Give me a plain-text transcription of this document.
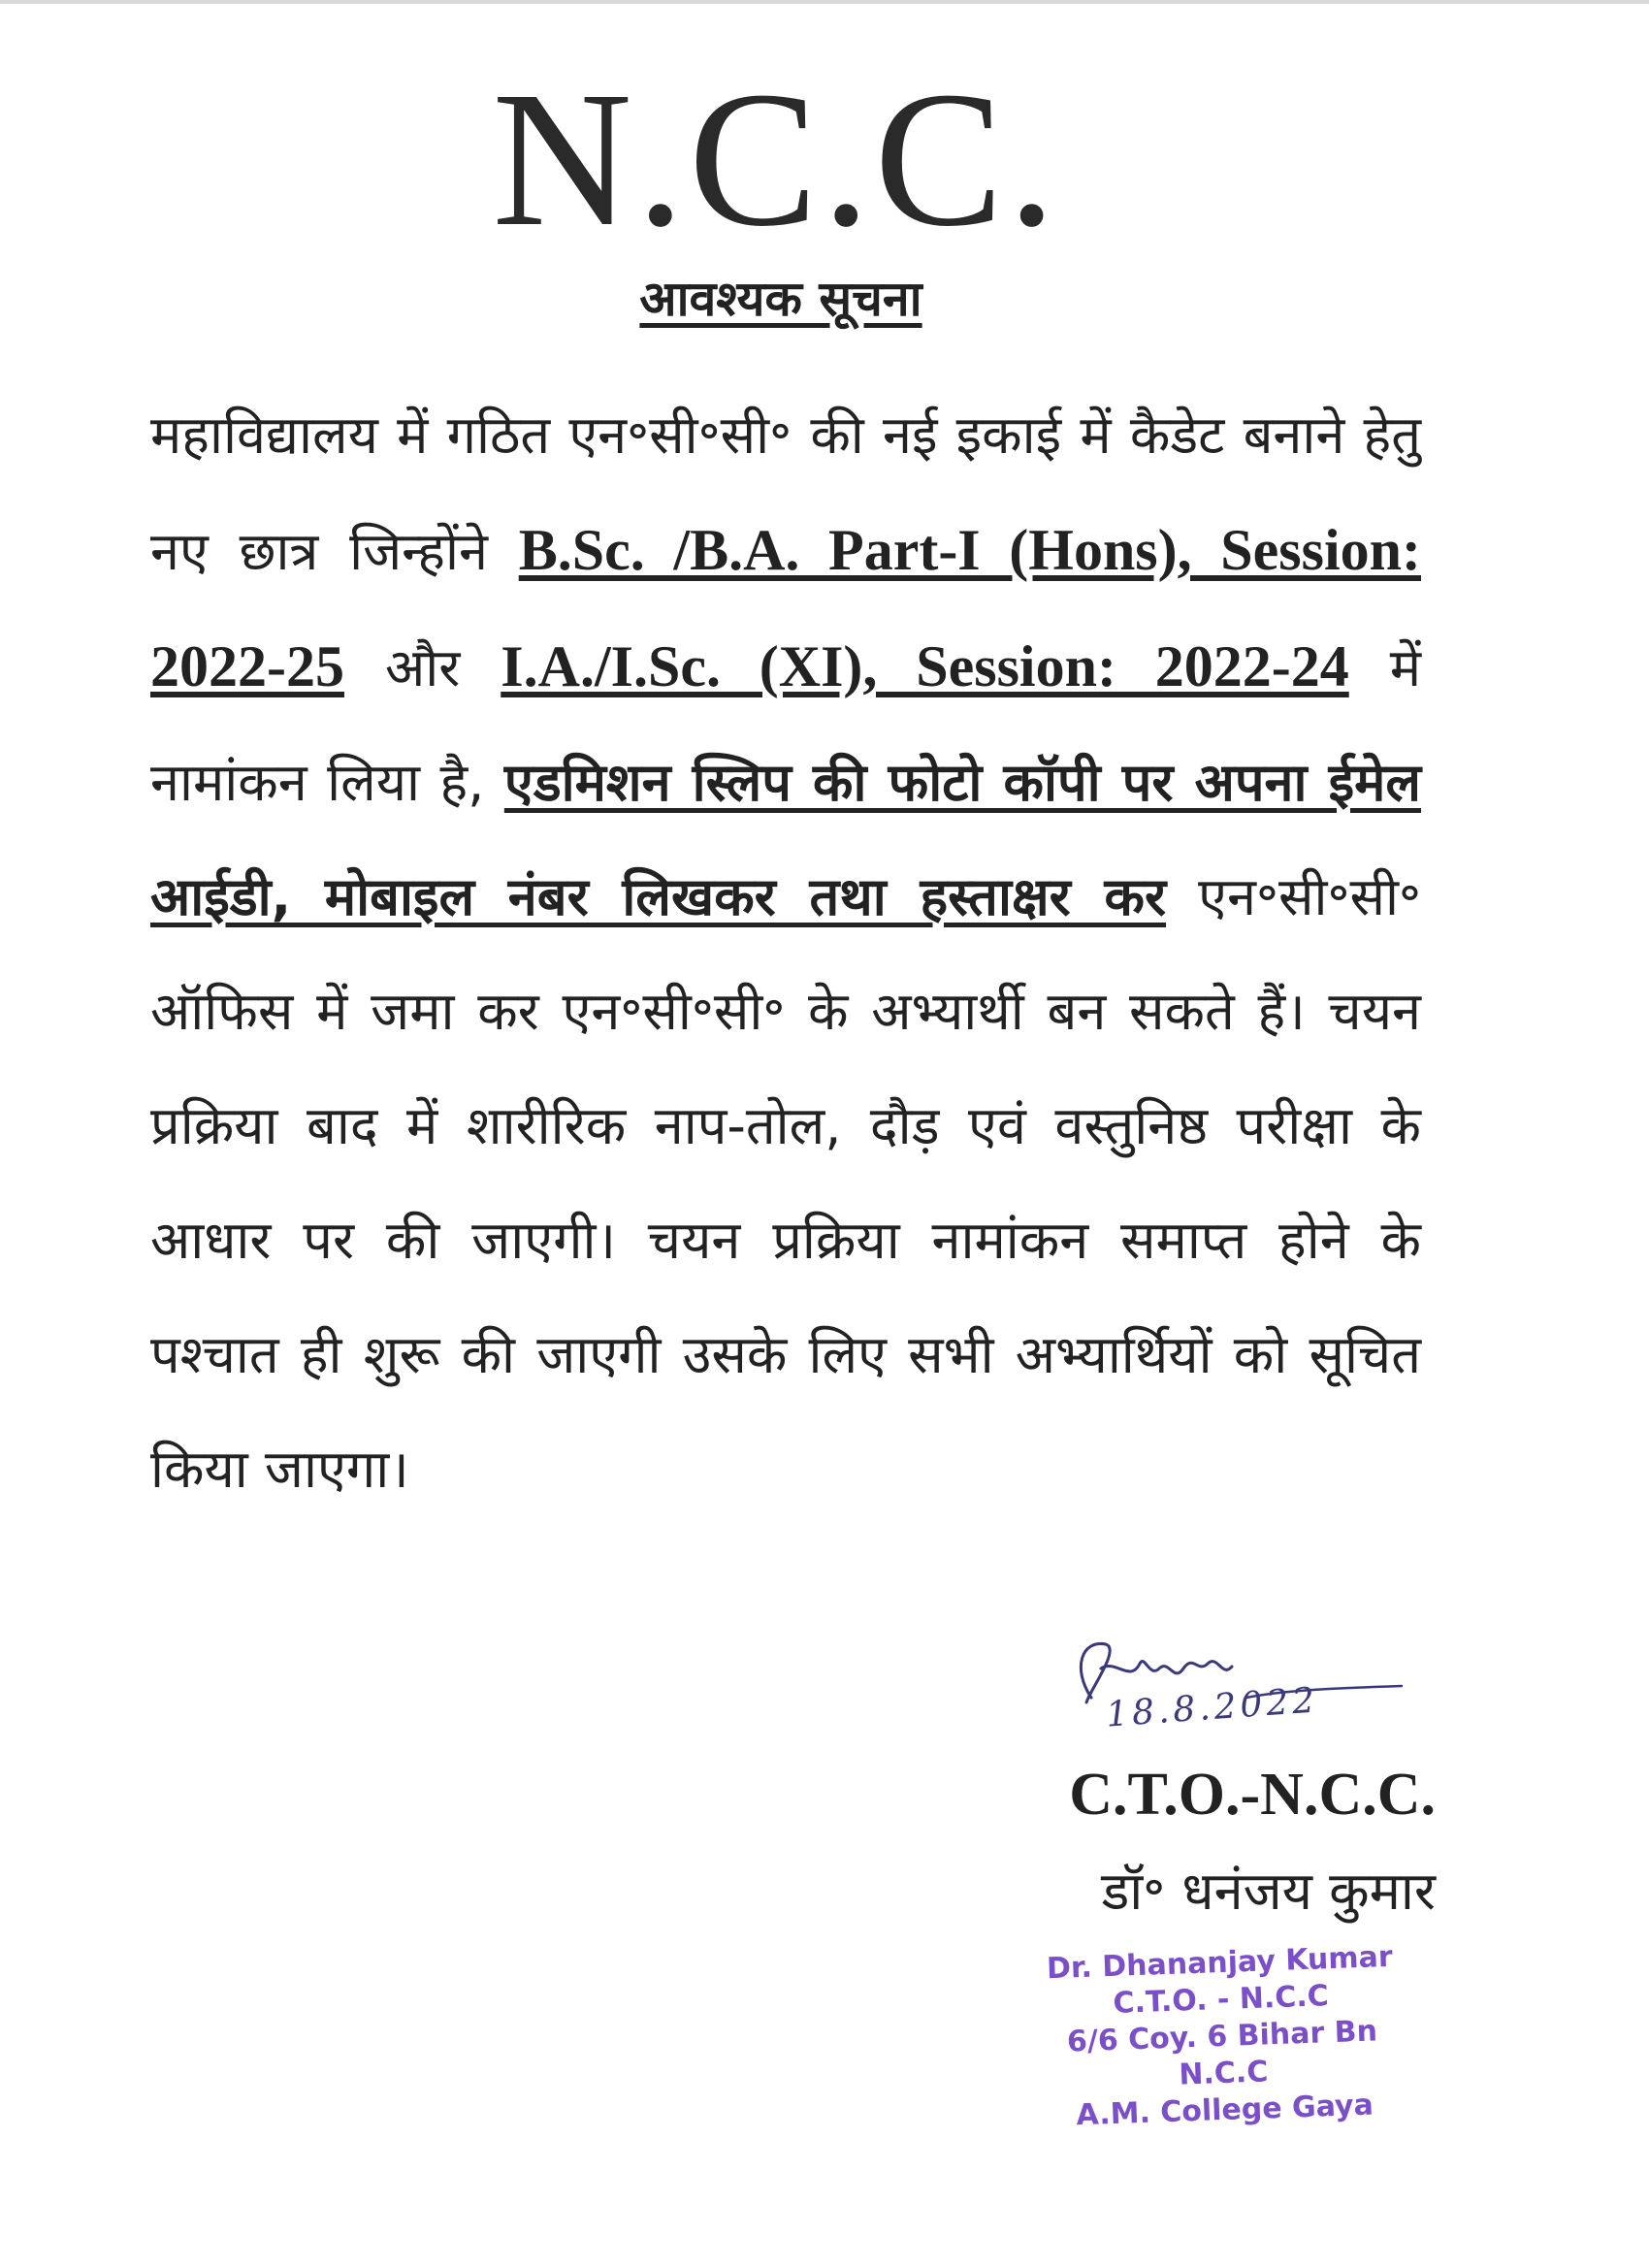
N.C.C.
आवश्यक सूचना
महाविद्यालय में गठित एन॰सी॰सी॰ की नई इकाई में कैडेट बनाने हेतु नए छात्र जिन्होंने B.Sc. /B.A. Part-I (Hons), Session: 2022-25 और I.A./I.Sc. (XI), Session: 2022-24 में नामांकन लिया है, एडमिशन स्लिप की फोटो कॉपी पर अपना ईमेल आईडी, मोबाइल नंबर लिखकर तथा हस्ताक्षर कर एन॰सी॰सी॰ ऑफिस में जमा कर एन॰सी॰सी॰ के अभ्यार्थी बन सकते हैं। चयन प्रक्रिया बाद में शारीरिक नाप-तोल, दौड़ एवं वस्तुनिष्ठ परीक्षा के आधार पर की जाएगी। चयन प्रक्रिया नामांकन समाप्त होने के पश्चात ही शुरू की जाएगी उसके लिए सभी अभ्यार्थियों को सूचित किया जाएगा।
18.8.2022
C.T.O.-N.C.C.
डॉ॰ धनंजय कुमार
Dr. Dhananjay Kumar
C.T.O. - N.C.C
6/6 Coy. 6 Bihar Bn N.C.C
A.M. College Gaya
